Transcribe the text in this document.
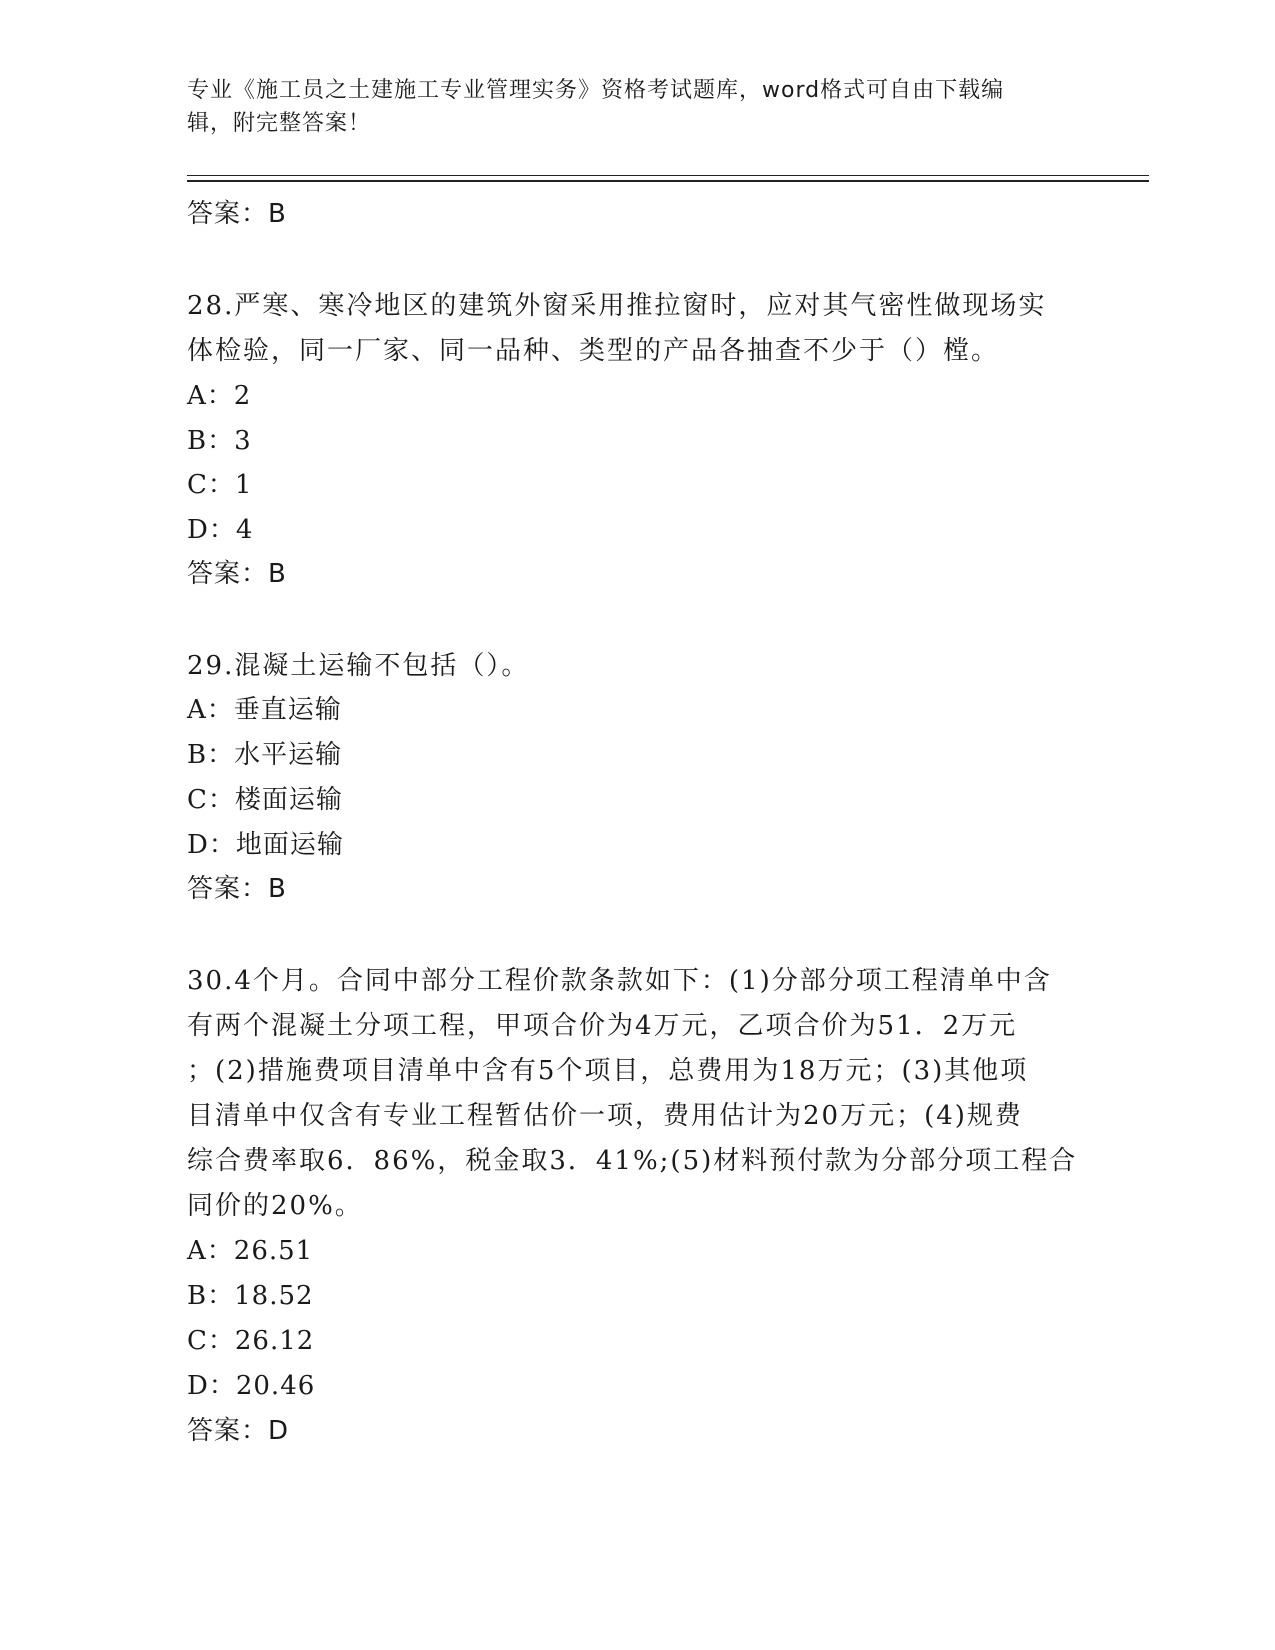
专业《施工员之土建施工专业管理实务》资格考试题库，word格式可自由下载编
辑，附完整答案！
答案：B
28.严寒、寒冷地区的建筑外窗采用推拉窗时，应对其气密性做现场实
体检验，同一厂家、同一品种、类型的产品各抽查不少于（）樘。
A：2
B：3
C：1
D：4
答案：B
29.混凝土运输不包括（）。
A：垂直运输
B：水平运输
C：楼面运输
D：地面运输
答案：B
30.4个月。合同中部分工程价款条款如下：(1)分部分项工程清单中含
有两个混凝土分项工程，甲项合价为4万元，乙项合价为51．2万元
；(2)措施费项目清单中含有5个项目，总费用为18万元；(3)其他项
目清单中仅含有专业工程暂估价一项，费用估计为20万元；(4)规费
综合费率取6．86%，税金取3．41%;(5)材料预付款为分部分项工程合
同价的20%。
A：26.51
B：18.52
C：26.12
D：20.46
答案：D
